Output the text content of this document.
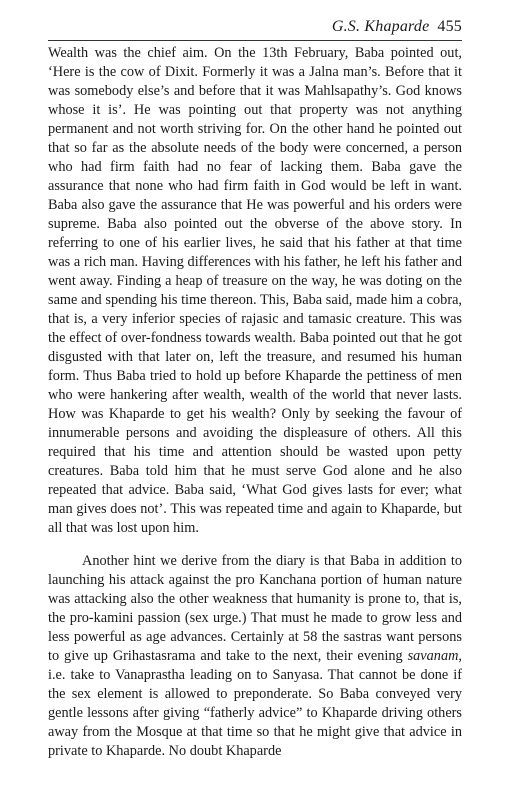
G.S. Khaparde 455

Wealth was the chief aim. On the 13th February, Baba pointed out, ‘Here is the cow of Dixit. Formerly it was a Jalna man’s. Before that it was somebody else’s and before that it was Mahlsapathy’s. God knows whose it is’. He was pointing out that property was not anything permanent and not worth striving for. On the other hand he pointed out that so far as the absolute needs of the body were concerned, a person who had firm faith had no fear of lacking them. Baba gave the assurance that none who had firm faith in God would be left in want. Baba also gave the assurance that He was powerful and his orders were supreme. Baba also pointed out the obverse of the above story. In referring to one of his earlier lives, he said that his father at that time was a rich man. Having differences with his father, he left his father and went away. Finding a heap of treasure on the way, he was doting on the same and spending his time thereon. This, Baba said, made him a cobra, that is, a very inferior species of rajasic and tamasic creature. This was the effect of over-fondness towards wealth. Baba pointed out that he got disgusted with that later on, left the treasure, and resumed his human form. Thus Baba tried to hold up before Khaparde the pettiness of men who were hankering after wealth, wealth of the world that never lasts. How was Khaparde to get his wealth? Only by seeking the favour of innumerable persons and avoiding the displeasure of others. All this required that his time and attention should be wasted upon petty creatures. Baba told him that he must serve God alone and he also repeated that advice. Baba said, ‘What God gives lasts for ever; what man gives does not’. This was repeated time and again to Khaparde, but all that was lost upon him.

Another hint we derive from the diary is that Baba in addition to launching his attack against the pro Kanchana portion of human nature was attacking also the other weakness that humanity is prone to, that is, the pro-kamini passion (sex urge.) That must he made to grow less and less powerful as age advances. Certainly at 58 the sastras want persons to give up Grihastasrama and take to the next, their evening savanam, i.e. take to Vanaprastha leading on to Sanyasa. That cannot be done if the sex element is allowed to preponderate. So Baba conveyed very gentle lessons after giving “fatherly advice” to Khaparde driving others away from the Mosque at that time so that he might give that advice in private to Khaparde. No doubt Khaparde
